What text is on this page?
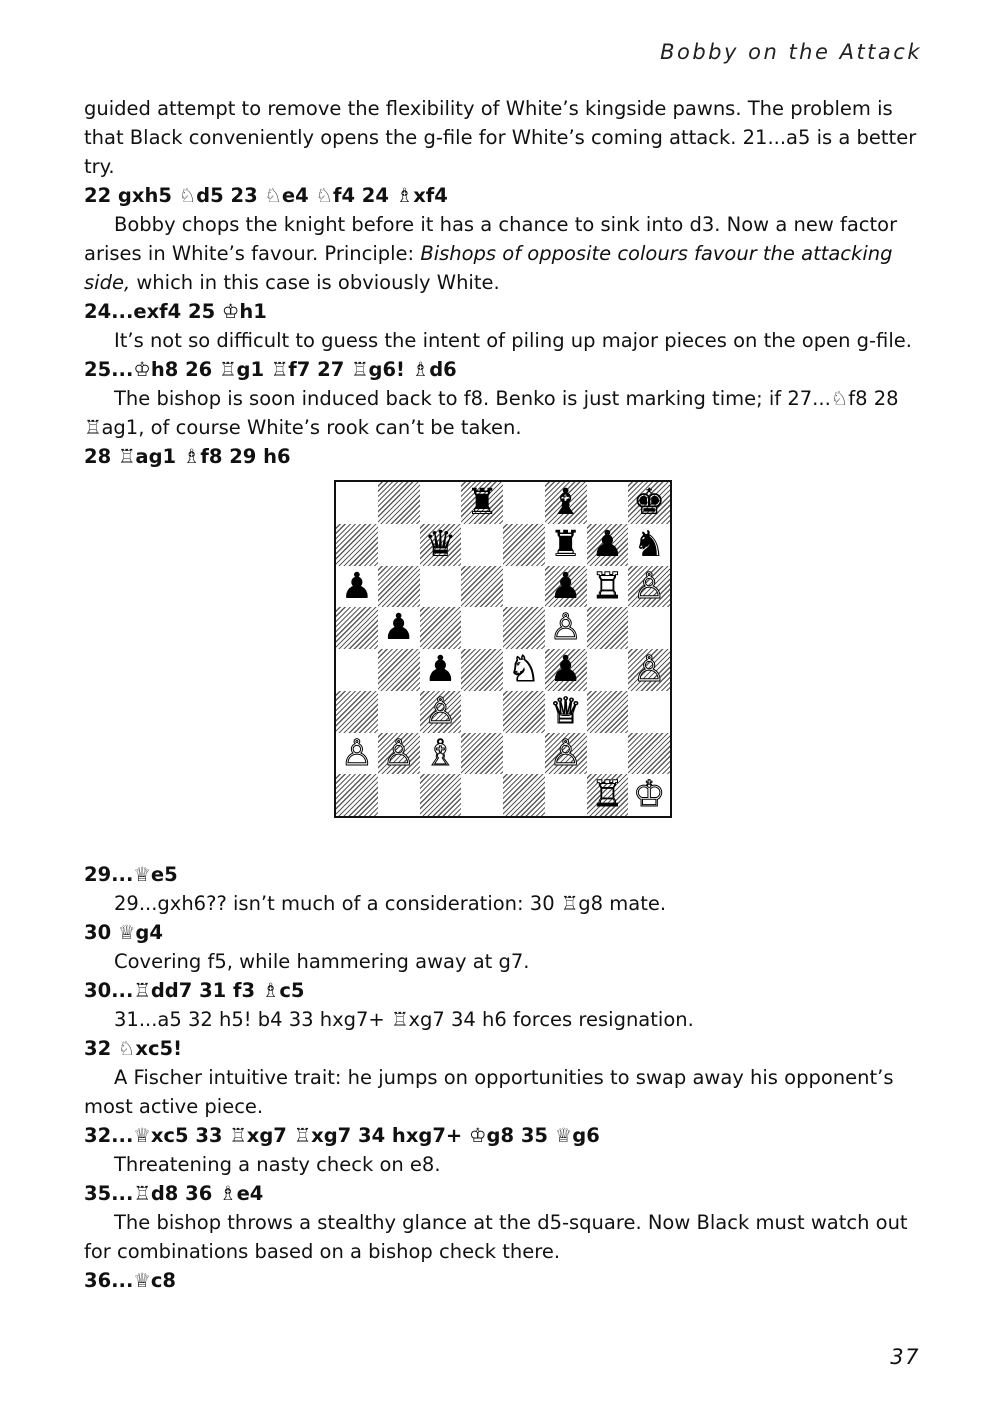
Bobby on the Attack

guided attempt to remove the flexibility of White’s kingside pawns. The problem is that Black conveniently opens the g-file for White’s coming attack. 21...a5 is a better try.

22 gxh5 ♘d5 23 ♘e4 ♘f4 24 ♗xf4

Bobby chops the knight before it has a chance to sink into d3. Now a new factor arises in White’s favour. Principle: Bishops of opposite colours favour the attacking side, which in this case is obviously White.

24...exf4 25 ♔h1

It’s not so difficult to guess the intent of piling up major pieces on the open g-file.

25...♔h8 26 ♖g1 ♖f7 27 ♖g6! ♗d6

The bishop is soon induced back to f8. Benko is just marking time; if 27...♘f8 28 ♖ag1, of course White’s rook can’t be taken.

28 ♖ag1 ♗f8 29 h6

♜ ♝ ♚
♛	♜ ♟ ♞
♟	♟ ♖ ♙
♟	♙
♟ ♘ ♟ ♙
♙	♕
♙ ♙ ♗	♙
♖ ♔

29...♕e5

29...gxh6?? isn’t much of a consideration: 30 ♖g8 mate.

30 ♕g4

Covering f5, while hammering away at g7.

30...♖dd7 31 f3 ♗c5

31...a5 32 h5! b4 33 hxg7+ ♖xg7 34 h6 forces resignation.

32 ♘xc5!

A Fischer intuitive trait: he jumps on opportunities to swap away his opponent’s most active piece.

32...♕xc5 33 ♖xg7 ♖xg7 34 hxg7+ ♔g8 35 ♕g6

Threatening a nasty check on e8.

35...♖d8 36 ♗e4

The bishop throws a stealthy glance at the d5-square. Now Black must watch out for combinations based on a bishop check there.

36...♕c8

37
